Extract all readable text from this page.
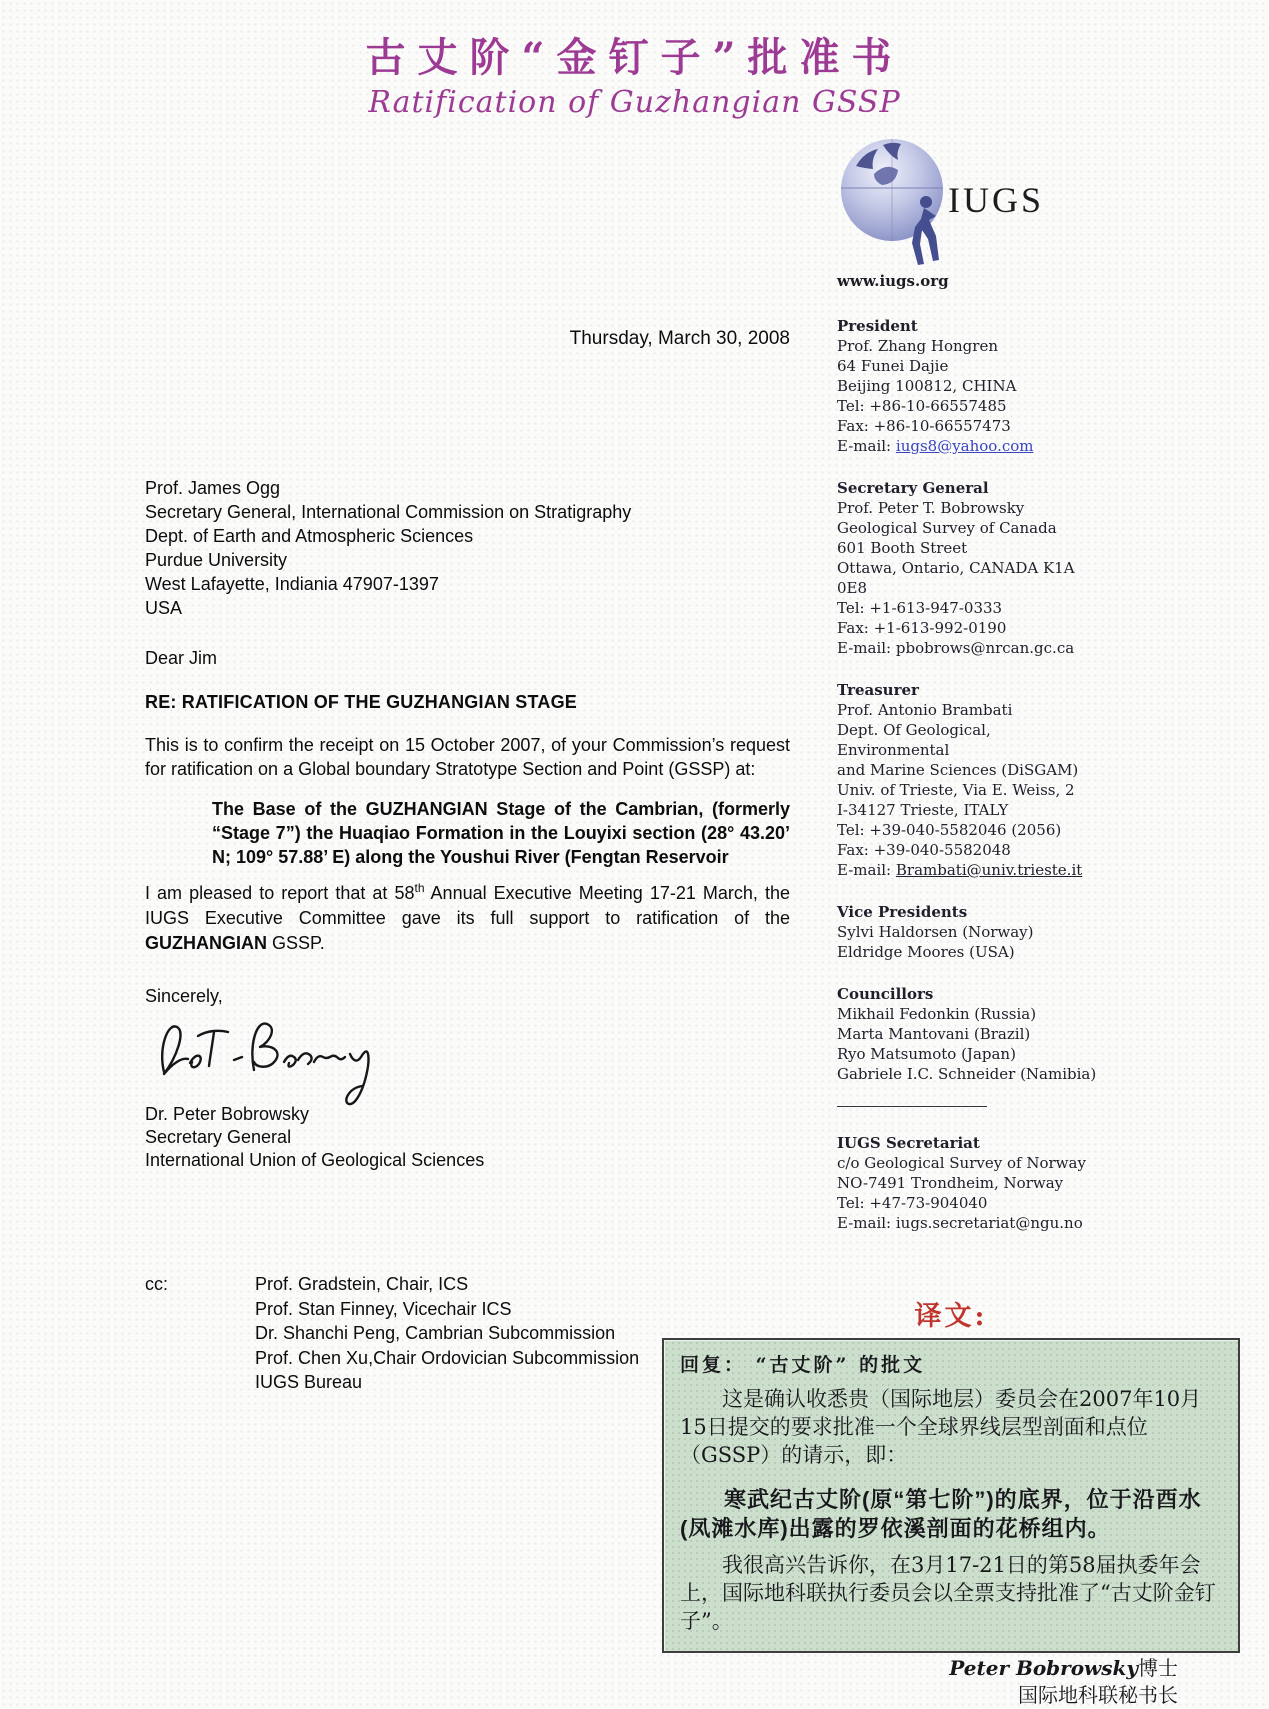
古丈阶“金钉子”批准书
Ratification of Guzhangian GSSP
IUGS
www.iugs.org
President
Prof. Zhang Hongren
64 Funei Dajie
Beijing 100812, CHINA
Tel: +86-10-66557485
Fax: +86-10-66557473
E-mail: iugs8@yahoo.com
Secretary General
Prof. Peter T. Bobrowsky
Geological Survey of Canada
601 Booth Street
Ottawa, Ontario, CANADA K1A 0E8
Tel: +1-613-947-0333
Fax: +1-613-992-0190
E-mail: pbobrows@nrcan.gc.ca
Treasurer
Prof. Antonio Brambati
Dept. Of Geological, Environmental
and Marine Sciences (DiSGAM)
Univ. of Trieste, Via E. Weiss, 2
I-34127 Trieste, ITALY
Tel: +39-040-5582046 (2056)
Fax: +39-040-5582048
E-mail: Brambati@univ.trieste.it
Vice Presidents
Sylvi Haldorsen (Norway)
Eldridge Moores (USA)
Councillors
Mikhail Fedonkin (Russia)
Marta Mantovani (Brazil)
Ryo Matsumoto (Japan)
Gabriele I.C. Schneider (Namibia)
IUGS Secretariat
c/o Geological Survey of Norway
NO-7491 Trondheim, Norway
Tel: +47-73-904040
E-mail: iugs.secretariat@ngu.no
Thursday, March 30, 2008
Prof. James Ogg
Secretary General, International Commission on Stratigraphy
Dept. of Earth and Atmospheric Sciences
Purdue University
West Lafayette, Indiania 47907-1397
USA
Dear Jim
RE: RATIFICATION OF THE GUZHANGIAN STAGE
This is to confirm the receipt on 15 October 2007, of your Commission’s request for ratification on a Global boundary Stratotype Section and Point (GSSP) at:
The Base of the GUZHANGIAN Stage of the Cambrian, (formerly “Stage 7”) the Huaqiao Formation in the Louyixi section (28° 43.20’ N; 109° 57.88’ E) along the Youshui River (Fengtan Reservoir
I am pleased to report that at 58th Annual Executive Meeting 17-21 March, the IUGS Executive Committee gave its full support to ratification of the GUZHANGIAN GSSP.
Sincerely,
Dr. Peter Bobrowsky
Secretary General
International Union of Geological Sciences
cc:	Prof. Gradstein, Chair, ICS
Prof. Stan Finney, Vicechair ICS
Dr. Shanchi Peng, Cambrian Subcommission
Prof. Chen Xu,Chair Ordovician Subcommission
IUGS Bureau
译文:
回复： “古丈阶” 的批文
这是确认收悉贵（国际地层）委员会在2007年10月15日提交的要求批准一个全球界线层型剖面和点位（GSSP）的请示，即：
寒武纪古丈阶(原“第七阶”)的底界，位于沿酉水(凤滩水库)出露的罗依溪剖面的花桥组内。
我很高兴告诉你，在3月17-21日的第58届执委年会上，国际地科联执行委员会以全票支持批准了“古丈阶金钉子”。
Peter Bobrowsky博士
国际地科联秘书长
